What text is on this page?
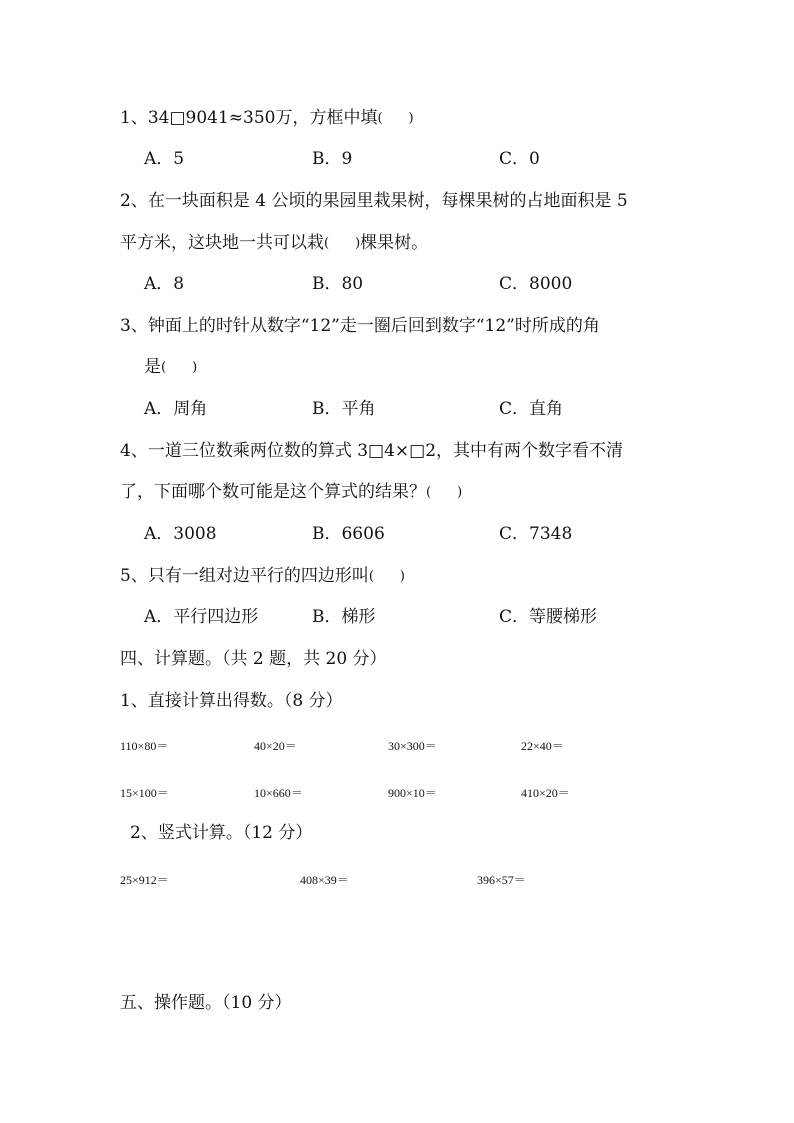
1、34□9041≈350万，方框中填(　　)
A．5	B．9	C．0
2、在一块面积是 4 公顷的果园里栽果树，每棵果树的占地面积是 5
平方米，这块地一共可以栽(　　)棵果树。
A．8	B．80	C．8000
3、钟面上的时针从数字“12”走一圈后回到数字“12”时所成的角
是(　　)
A．周角	B．平角	C．直角
4、一道三位数乘两位数的算式 3□4×□2，其中有两个数字看不清
了，下面哪个数可能是这个算式的结果？(　　)
A．3008	B．6606	C．7348
5、只有一组对边平行的四边形叫(　　)
A．平行四边形	B．梯形	C．等腰梯形
四、计算题。（共 2 题，共 20 分）
1、直接计算出得数。（8 分）
110×80＝	40×20＝	30×300＝	22×40＝
15×100＝	10×660＝	900×10＝	410×20＝
2、竖式计算。（12 分）
25×912＝	408×39＝	396×57＝
五、操作题。（10 分）
